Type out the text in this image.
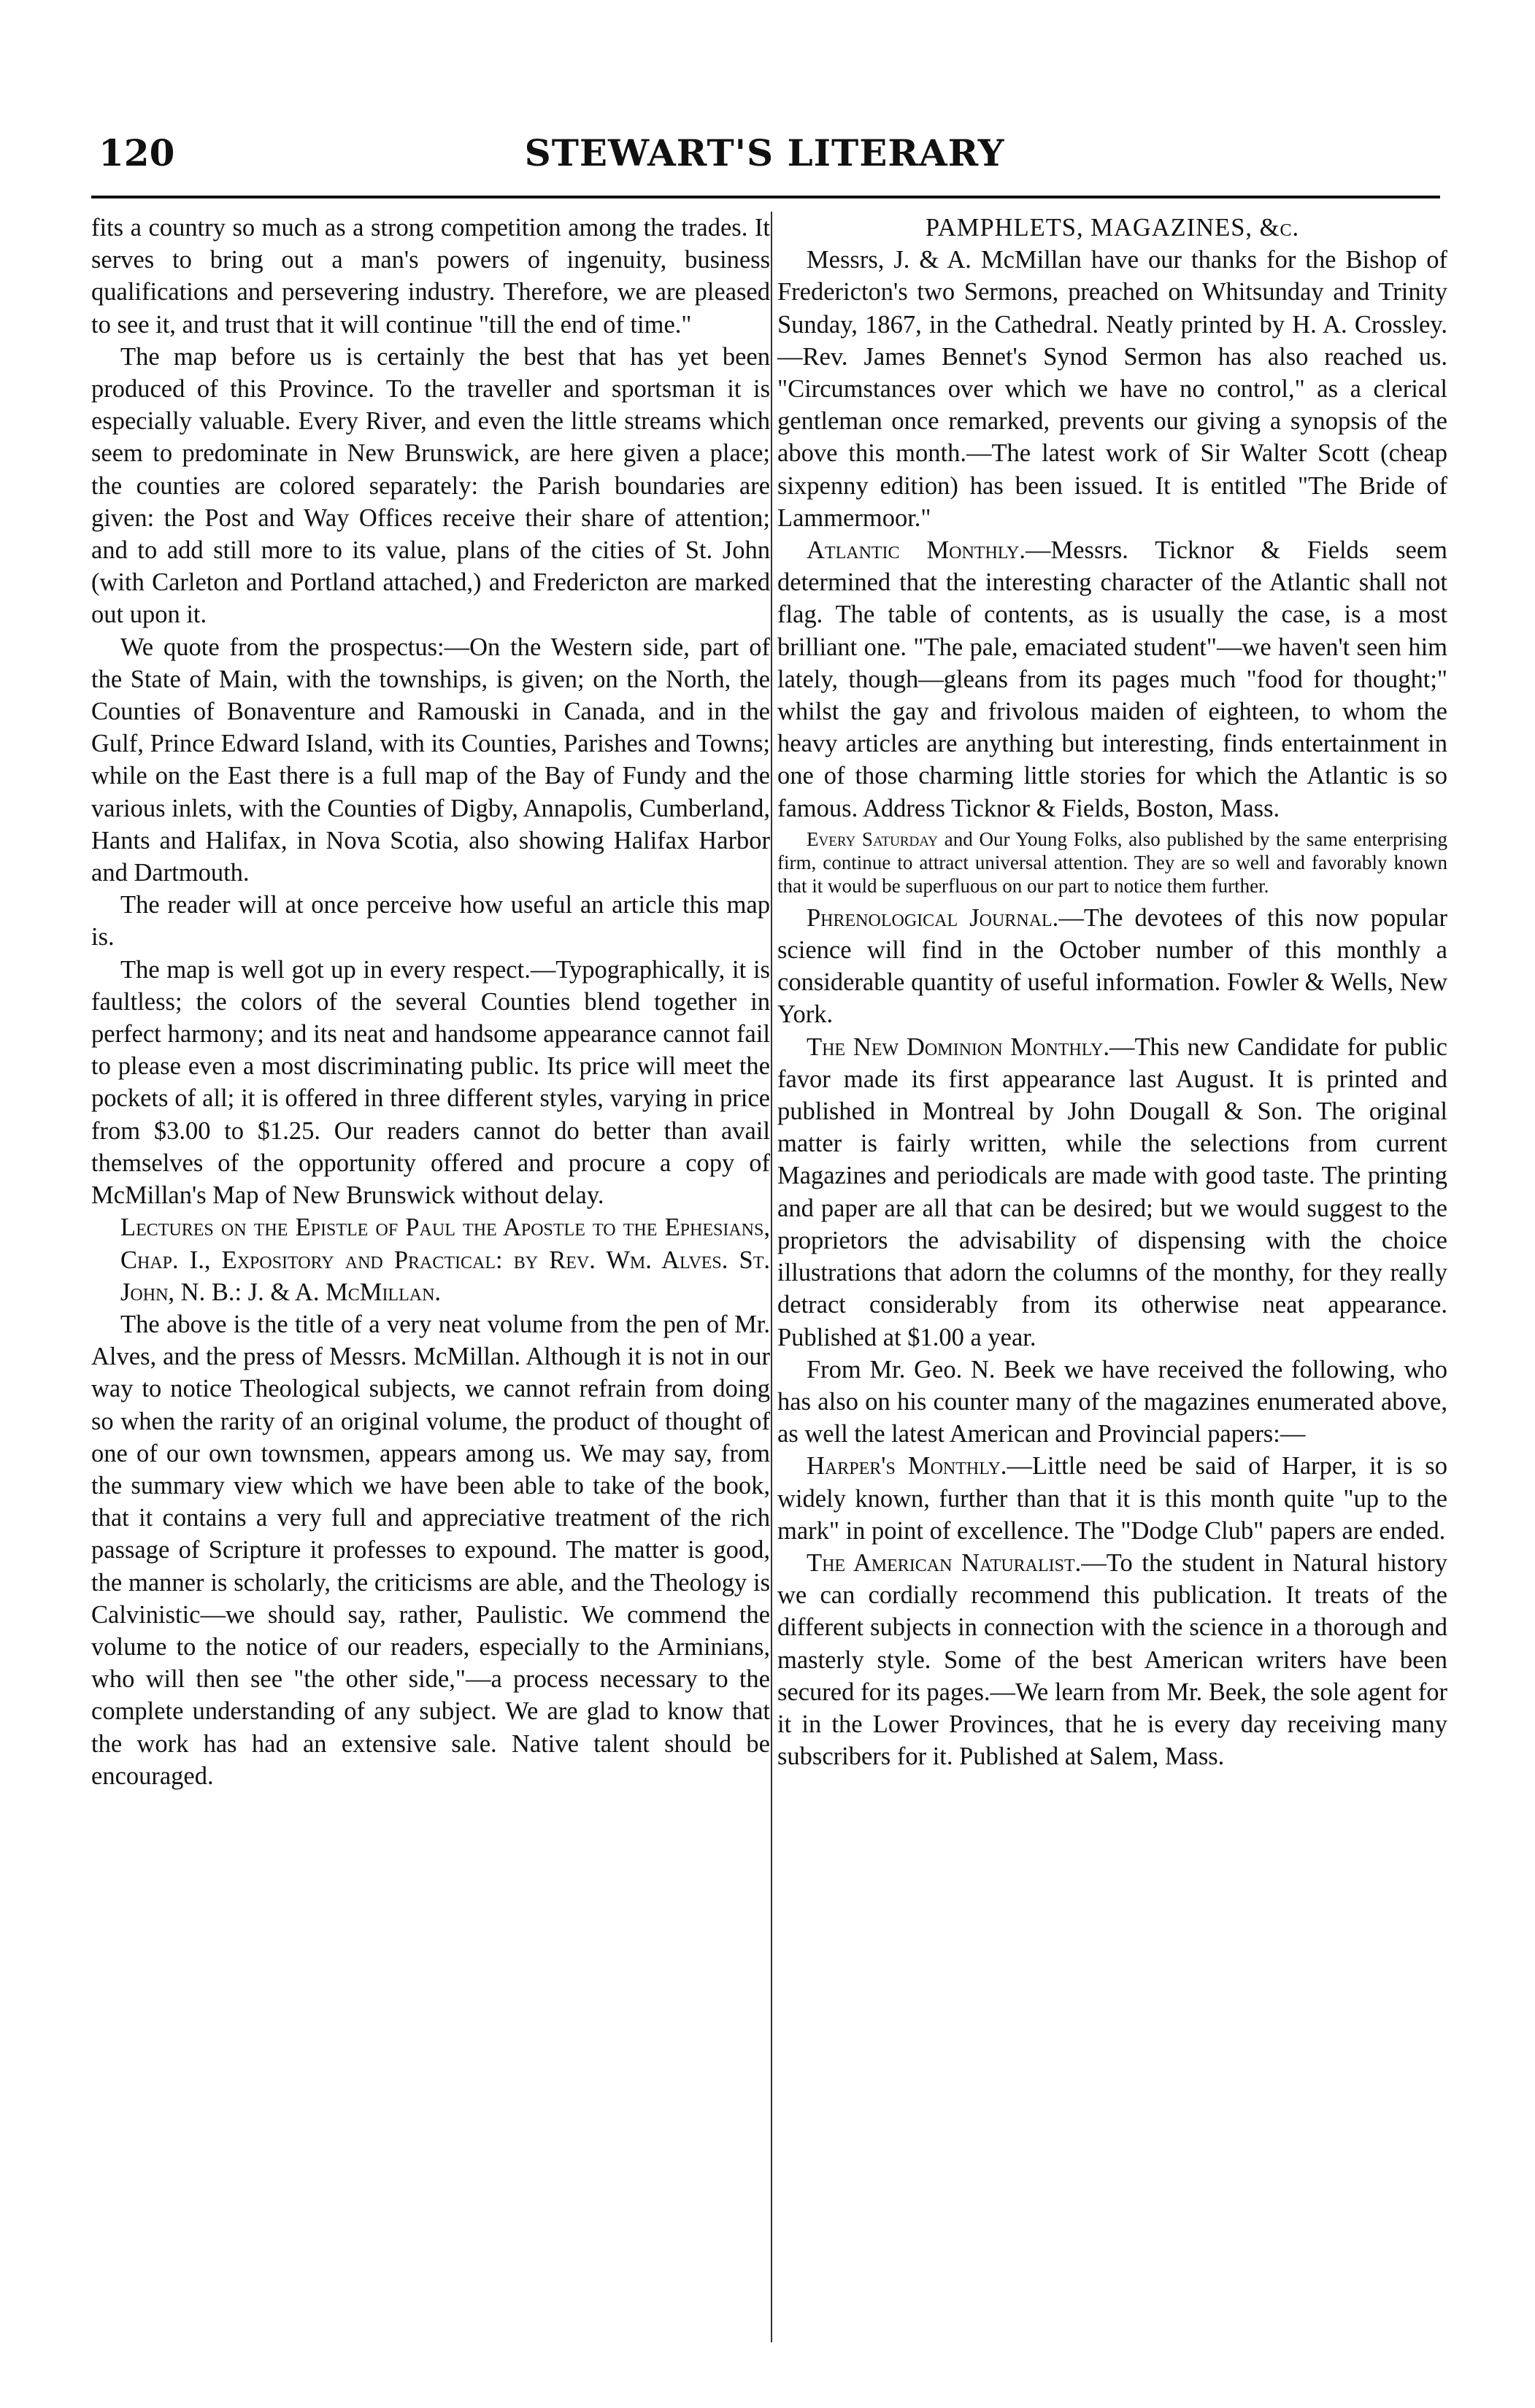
120	STEWART'S LITERARY

fits a country so much as a strong competition among the trades. It serves to bring out a man's powers of ingenuity, business qualifications and persevering industry. Therefore, we are pleased to see it, and trust that it will continue "till the end of time."

The map before us is certainly the best that has yet been produced of this Province. To the traveller and sportsman it is especially valuable. Every River, and even the little streams which seem to predominate in New Brunswick, are here given a place; the counties are colored separately: the Parish boundaries are given: the Post and Way Offices receive their share of attention; and to add still more to its value, plans of the cities of St. John (with Carleton and Portland attached,) and Fredericton are marked out upon it.

We quote from the prospectus:—On the Western side, part of the State of Main, with the townships, is given; on the North, the Counties of Bonaventure and Ramouski in Canada, and in the Gulf, Prince Edward Island, with its Counties, Parishes and Towns; while on the East there is a full map of the Bay of Fundy and the various inlets, with the Counties of Digby, Annapolis, Cumberland, Hants and Halifax, in Nova Scotia, also showing Halifax Harbor and Dartmouth.

The reader will at once perceive how useful an article this map is.

The map is well got up in every respect.—Typographically, it is faultless; the colors of the several Counties blend together in perfect harmony; and its neat and handsome appearance cannot fail to please even a most discriminating public. Its price will meet the pockets of all; it is offered in three different styles, varying in price from $3.00 to $1.25. Our readers cannot do better than avail themselves of the opportunity offered and procure a copy of McMillan's Map of New Brunswick without delay.

Lectures on the Epistle of Paul the Apostle to the Ephesians, Chap. I., Expository and Practical: by Rev. Wm. Alves. St. John, N. B.: J. & A. McMillan.

The above is the title of a very neat volume from the pen of Mr. Alves, and the press of Messrs. McMillan. Although it is not in our way to notice Theological subjects, we cannot refrain from doing so when the rarity of an original volume, the product of thought of one of our own townsmen, appears among us. We may say, from the summary view which we have been able to take of the book, that it contains a very full and appreciative treatment of the rich passage of Scripture it professes to expound. The matter is good, the manner is scholarly, the criticisms are able, and the Theology is Calvinistic—we should say, rather, Paulistic. We commend the volume to the notice of our readers, especially to the Arminians, who will then see "the other side,"—a process necessary to the complete understanding of any subject. We are glad to know that the work has had an extensive sale. Native talent should be encouraged.

PAMPHLETS, MAGAZINES, &c.

Messrs, J. & A. McMillan have our thanks for the Bishop of Fredericton's two Sermons, preached on Whitsunday and Trinity Sunday, 1867, in the Cathedral. Neatly printed by H. A. Crossley.—Rev. James Bennet's Synod Sermon has also reached us. "Circumstances over which we have no control," as a clerical gentleman once remarked, prevents our giving a synopsis of the above this month.—The latest work of Sir Walter Scott (cheap sixpenny edition) has been issued. It is entitled "The Bride of Lammermoor."

Atlantic Monthly.—Messrs. Ticknor & Fields seem determined that the interesting character of the Atlantic shall not flag. The table of contents, as is usually the case, is a most brilliant one. "The pale, emaciated student"—we haven't seen him lately, though—gleans from its pages much "food for thought;" whilst the gay and frivolous maiden of eighteen, to whom the heavy articles are anything but interesting, finds entertainment in one of those charming little stories for which the Atlantic is so famous. Address Ticknor & Fields, Boston, Mass.

Every Saturday and Our Young Folks, also published by the same enterprising firm, continue to attract universal attention. They are so well and favorably known that it would be superfluous on our part to notice them further.

Phrenological Journal.—The devotees of this now popular science will find in the October number of this monthly a considerable quantity of useful information. Fowler & Wells, New York.

The New Dominion Monthly.—This new Candidate for public favor made its first appearance last August. It is printed and published in Montreal by John Dougall & Son. The original matter is fairly written, while the selections from current Magazines and periodicals are made with good taste. The printing and paper are all that can be desired; but we would suggest to the proprietors the advisability of dispensing with the choice illustrations that adorn the columns of the monthy, for they really detract considerably from its otherwise neat appearance. Published at $1.00 a year.

From Mr. Geo. N. Beek we have received the following, who has also on his counter many of the magazines enumerated above, as well the latest American and Provincial papers:—

Harper's Monthly.—Little need be said of Harper, it is so widely known, further than that it is this month quite "up to the mark" in point of excellence. The "Dodge Club" papers are ended.

The American Naturalist.—To the student in Natural history we can cordially recommend this publication. It treats of the different subjects in connection with the science in a thorough and masterly style. Some of the best American writers have been secured for its pages.—We learn from Mr. Beek, the sole agent for it in the Lower Provinces, that he is every day receiving many subscribers for it. Published at Salem, Mass.
